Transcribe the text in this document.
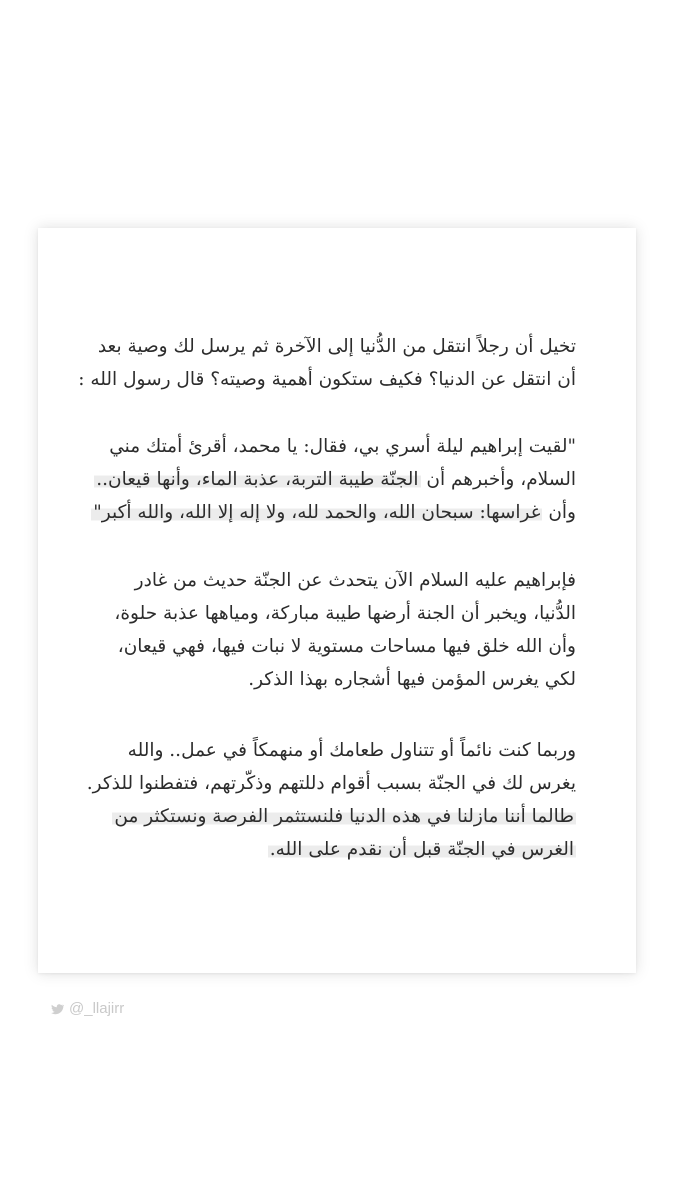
تخيل أن رجلاً انتقل من الدُّنيا إلى الآخرة ثم يرسل لك وصية بعد
أن انتقل عن الدنيا؟ فكيف ستكون أهمية وصيته؟ قال رسول الله :
"لقيت إبراهيم ليلة أسري بي، فقال: يا محمد، أقرئ أمتك مني
السلام، وأخبرهم أن الجنّة طيبة التربة، عذبة الماء، وأنها قيعان..
وأن غراسها: سبحان الله، والحمد لله، ولا إله إلا الله، والله أكبر"
فإبراهيم عليه السلام الآن يتحدث عن الجنّة حديث من غادر
الدُّنيا، ويخبر أن الجنة أرضها طيبة مباركة، ومياهها عذبة حلوة،
وأن الله خلق فيها مساحات مستوية لا نبات فيها، فهي قيعان،
لكي يغرس المؤمن فيها أشجاره بهذا الذكر.
وربما كنت نائماً أو تتناول طعامك أو منهمكاً في عمل.. والله
يغرس لك في الجنّة بسبب أقوام دللتهم وذكّرتهم، فتفطنوا للذكر.
طالما أننا مازلنا في هذه الدنيا فلنستثمر الفرصة ونستكثر من
الغرس في الجنّة قبل أن نقدم على الله.
@_llajirr
